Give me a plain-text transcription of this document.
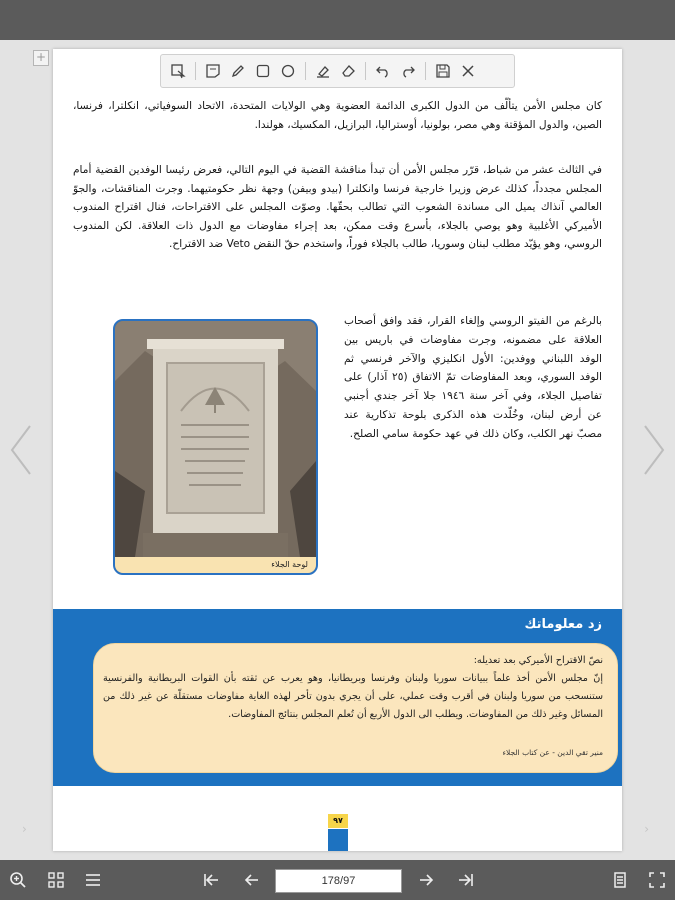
+
›	›

كان مجلس الأمن يتألّف من الدول الكبرى الدائمة العضوية وهي الولايات المتحدة، الاتحاد السوفياتي، انكلترا، فرنسا، الصين، والدول المؤقتة وهي مصر، بولونيا، أوستراليا، البرازيل، المكسيك، هولندا.

في الثالث عشر من شباط، قرّر مجلس الأمن أن تبدأ مناقشة القضية في اليوم التالي، فعرض رئيسا الوفدين القضية أمام المجلس مجدداً، كذلك عرض وزيرا خارجية فرنسا وانكلترا (بيدو وبيفن) وجهة نظر حكومتيهما. وجرت المناقشات، والجوّ العالمي آنذاك يميل الى مساندة الشعوب التي تطالب بحقّها. وصوّت المجلس على الاقتراحات، فنال اقتراح المندوب الأميركي الأغلبية وهو يوصي بالجلاء، بأسرع وقت ممكن، بعد إجراء مفاوضات مع الدول ذات العلاقة. لكن المندوب الروسي، وهو يؤيّد مطلب لبنان وسوريا، طالب بالجلاء فوراً، واستخدم حقّ النقض Veto ضد الاقتراح.

بالرغم من الفيتو الروسي وإلغاء القرار، فقد وافق أصحاب العلاقة على مضمونه، وجرت مفاوضات في باريس بين الوفد اللبناني ووفدين: الأول انكليزي والآخر فرنسي ثم الوفد السوري، وبعد المفاوضات تمّ الاتفاق (٢٥ آذار) على تفاصيل الجلاء، وفي آخر سنة ١٩٤٦ جلا آخر جندي أجنبي عن أرض لبنان، وخُلّدت هذه الذكرى بلوحة تذكارية عند مصبّ نهر الكلب، وكان ذلك في عهد حكومة سامي الصلح.

لوحة الجلاء
زد معلوماتك
نصّ الاقتراح الأميركي بعد تعديله:
إنّ مجلس الأمن أخذ علماً ببيانات سوريا ولبنان وفرنسا وبريطانيا، وهو يعرب عن ثقته بأن القوات البريطانية والفرنسية ستنسحب من سوريا ولبنان في أقرب وقت عملي، على أن يجري بدون تأخر لهذه الغاية مفاوضات مستقلّة عن غير ذلك من المسائل وغير ذلك من المفاوضات. ويطلب الى الدول الأربع أن تُعلم المجلس بنتائج المفاوضات.
منير تقي الدين - عن كتاب الجلاء
٩٧
178/97
